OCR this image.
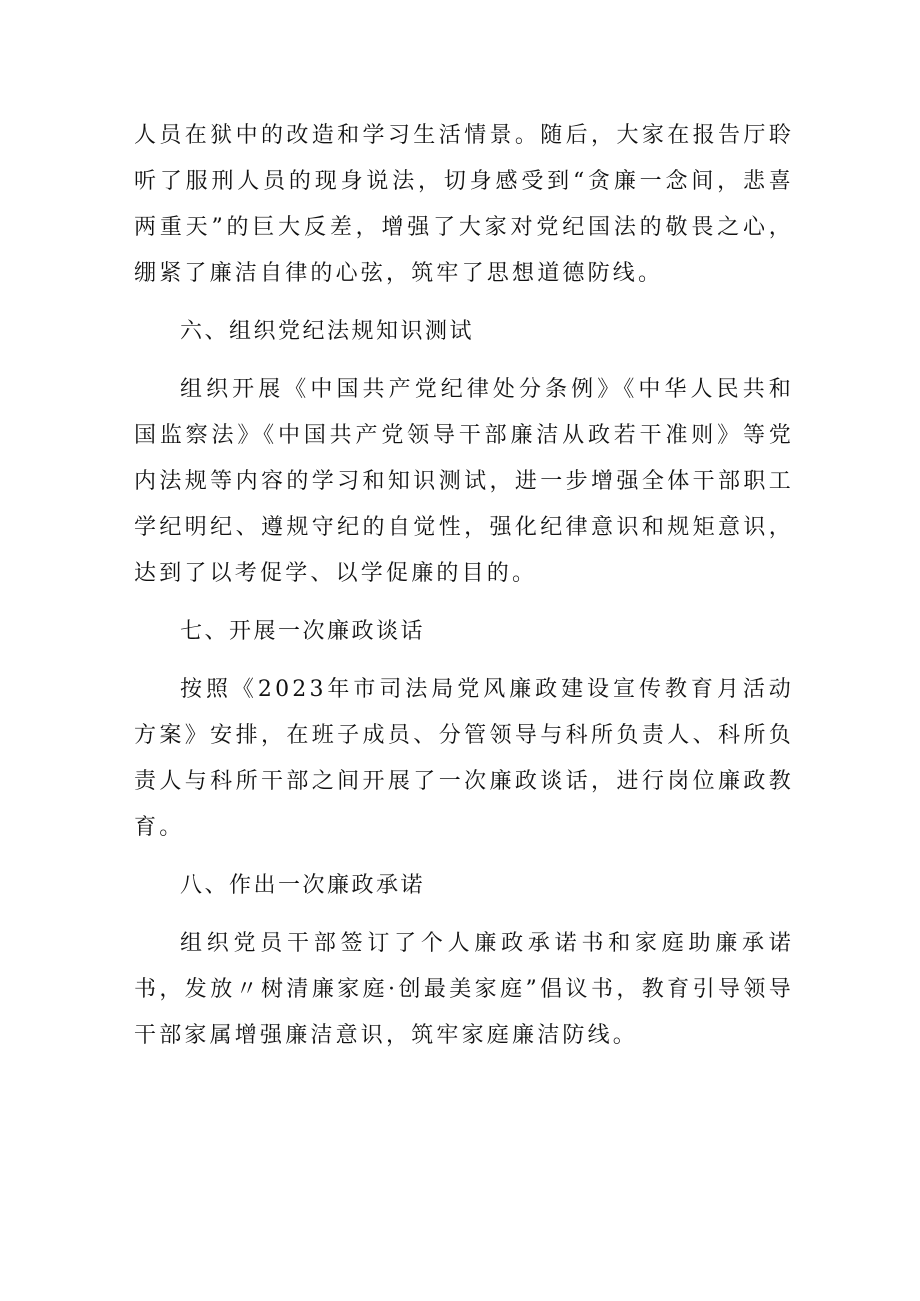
人员在狱中的改造和学习生活情景。随后，大家在报告厅聆听了服刑人员的现身说法，切身感受到“贪廉一念间，悲喜两重天”的巨大反差，增强了大家对党纪国法的敬畏之心，绷紧了廉洁自律的心弦，筑牢了思想道德防线。

六、组织党纪法规知识测试

组织开展《中国共产党纪律处分条例》《中华人民共和国监察法》《中国共产党领导干部廉洁从政若干准则》等党内法规等内容的学习和知识测试，进一步增强全体干部职工学纪明纪、遵规守纪的自觉性，强化纪律意识和规矩意识，达到了以考促学、以学促廉的目的。

七、开展一次廉政谈话

按照《2023年市司法局党风廉政建设宣传教育月活动方案》安排，在班子成员、分管领导与科所负责人、科所负责人与科所干部之间开展了一次廉政谈话，进行岗位廉政教育。

八、作出一次廉政承诺

组织党员干部签订了个人廉政承诺书和家庭助廉承诺书，发放〃树清廉家庭·创最美家庭”倡议书，教育引导领导干部家属增强廉洁意识，筑牢家庭廉洁防线。
